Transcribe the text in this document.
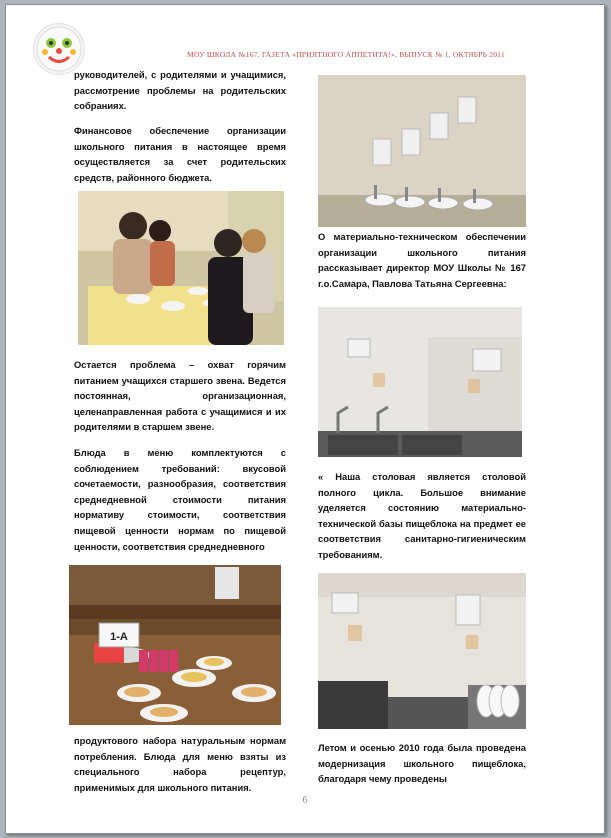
МОУ ШКОЛА №167, ГАЗЕТА «ПРИЯТНОГО АППЕТИТА!», ВЫПУСК № 1, ОКТЯБРЬ 2011
руководителей, с родителями и учащимися, рассмотрение проблемы на родительских собраниях.
Финансовое обеспечение организации школьного питания в настоящее время осуществляется за счет родительских средств, районного бюджета.
Остается проблема – охват горячим питанием учащихся старшего звена. Ведется постоянная, организационная, целенаправленная работа с учащимися и их родителями в старшем звене.
Блюда в меню комплектуются с соблюдением требований: вкусовой сочетаемости, разнообразия, соответствия среднедневной стоимости питания нормативу стоимости, соответствия пищевой ценности нормам по пищевой ценности, соответствия среднедневного
1-А
продуктового набора натуральным нормам потребления. Блюда для меню взяты из специального набора рецептур, применимых для школьного питания.
О материально-техническом обеспечении организации школьного питания рассказывает директор МОУ Школы № 167 г.о.Самара, Павлова Татьяна Сергеевна:
« Наша столовая является столовой полного цикла. Большое внимание уделяется состоянию материально-технической базы пищеблока на предмет ее соответствия санитарно-гигиеническим требованиям.
Летом и осенью 2010 года была проведена модернизация школьного пищеблока, благодаря чему проведены
6
